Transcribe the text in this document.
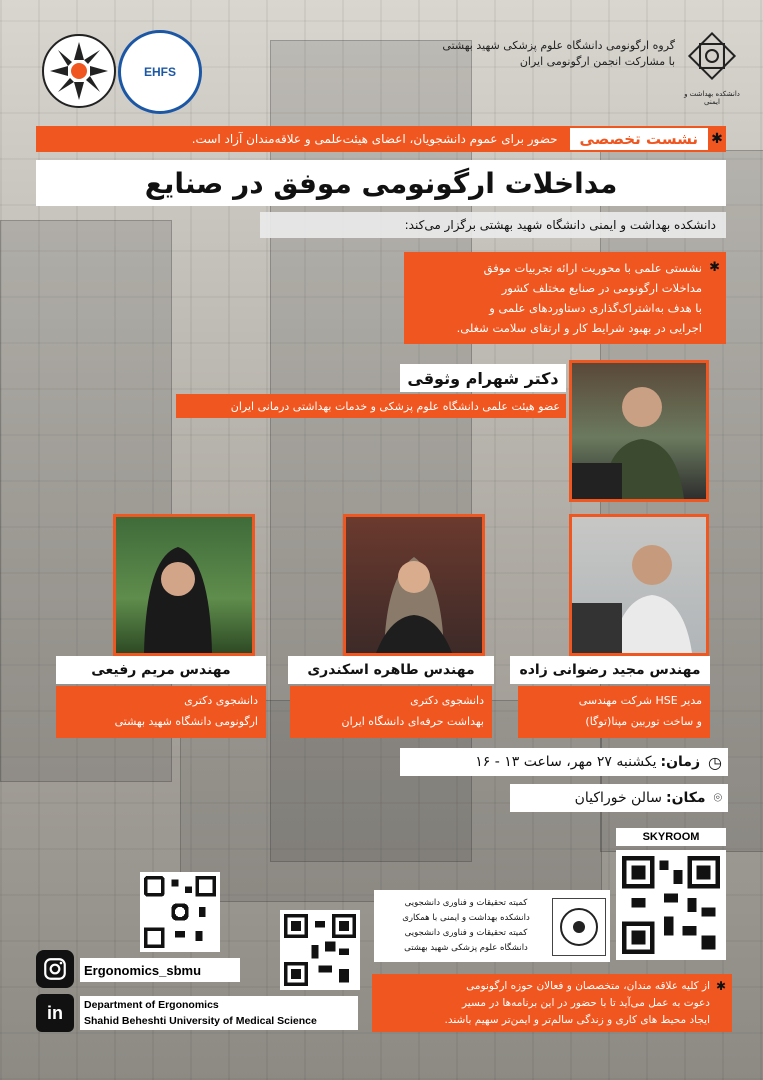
EHFS
گروه ارگونومی دانشگاه علوم پزشکی شهید بهشتی
با مشارکت انجمن ارگونومی ایران
دانشکده بهداشت و ایمنی
✱
نشست تخصصی
حضور برای عموم دانشجویان، اعضای هیئت‌علمی و علاقه‌مندان آزاد است.
مداخلات ارگونومی موفق در صنایع
دانشکده بهداشت و ایمنی دانشگاه شهید بهشتی برگزار می‌کند:
✱
نشستی علمی با محوریت ارائه تجربیات موفق
مداخلات ارگونومی در صنایع مختلف کشور
با هدف به‌اشتراک‌گذاری دستاوردهای علمی و
اجرایی در بهبود شرایط کار و ارتقای سلامت شغلی.
دکتر شهرام وثوقی
عضو هیئت علمی دانشگاه علوم پزشکی و خدمات بهداشتی درمانی ایران
مهندس مجید رضوانی زاده
مدیر HSE شرکت مهندسی
و ساخت توربین مپنا(توگا)
مهندس طاهره اسکندری
دانشجوی دکتری
بهداشت حرفه‌ای دانشگاه ایران
مهندس مریم رفیعی
دانشجوی دکتری
ارگونومی دانشگاه شهید بهشتی
◷
زمان:
یکشنبه ۲۷ مهر، ساعت ۱۳ - ۱۶
⌾
مکان:
سالن خوراکیان
SKYROOM
کمیته تحقیقات و فناوری دانشجویی
دانشکده بهداشت و ایمنی با همکاری
کمیته تحقیقات و فناوری دانشجویی
دانشگاه علوم پزشکی شهید بهشتی
Ergonomics_sbmu
in	Department of Ergonomics
Shahid Beheshti University of Medical Science
✱
از کلیه علاقه مندان، متخصصان و فعالان حوزه ارگونومی
دعوت به عمل می‌آید تا با حضور در این برنامه‌ها در مسیر
ایجاد محیط های کاری و زندگی سالم‌تر و ایمن‌تر سهیم باشند.
